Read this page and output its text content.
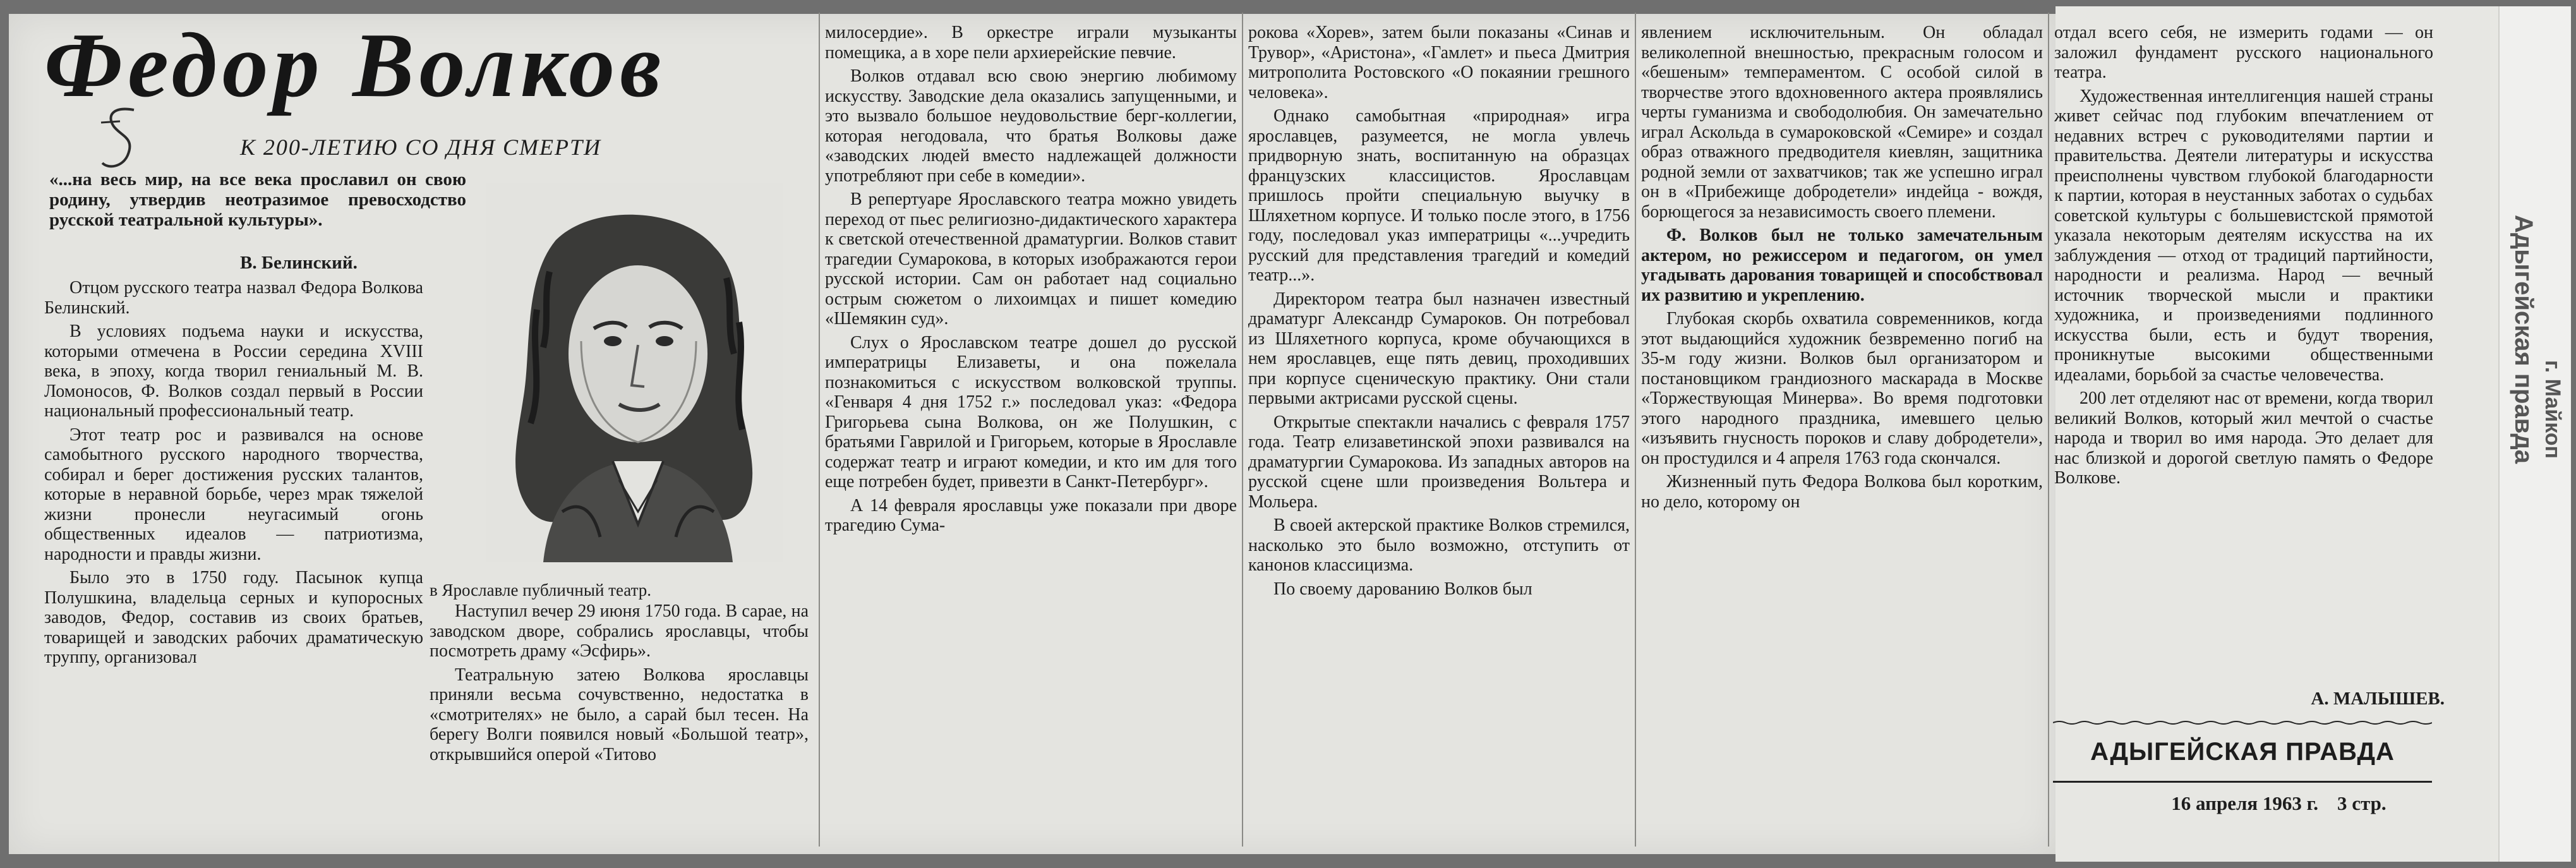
Федор Волков
К 200-ЛЕТИЮ СО ДНЯ СМЕРТИ
«...на весь мир, на все века прославил он свою родину, утвердив неотразимое превосходство русской театральной культуры».
В. Белинский.
в Ярославле публичный театр.

Отцом русского театра назвал Федора Волкова Белинский.

В условиях подъема науки и искусства, которыми отмечена в России середина XVIII века, в эпоху, когда творил гениальный М. В. Ломоносов, Ф. Волков создал первый в России национальный профессиональный театр.

Этот театр рос и развивался на основе самобытного русского народного творчества, собирал и берег достижения русских талантов, которые в неравной борьбе, через мрак тяжелой жизни пронесли неугасимый огонь общественных идеалов — патриотизма, народности и правды жизни.

Было это в 1750 году. Пасынок купца Полушкина, владельца серных и купоросных заводов, Федор, составив из своих братьев, товарищей и заводских рабочих драматическую труппу, организовал

Наступил вечер 29 июня 1750 года. В сарае, на заводском дворе, собрались ярославцы, чтобы посмотреть драму «Эсфирь».

Театральную затею Волкова ярославцы приняли весьма сочувственно, недостатка в «смотрителях» не было, а сарай был тесен. На берегу Волги появился новый «Большой театр», открывшийся оперой «Титово

милосердие». В оркестре играли музыканты помещика, а в хоре пели архиерейские певчие.

Волков отдавал всю свою энергию любимому искусству. Заводские дела оказались запущенными, и это вызвало большое неудовольствие берг-коллегии, которая негодовала, что братья Волковы даже «заводских людей вместо надлежащей должности употребляют при себе в комедии».

В репертуаре Ярославского театра можно увидеть переход от пьес религиозно-дидактического характера к светской отечественной драматургии. Волков ставит трагедии Сумарокова, в которых изображаются герои русской истории. Сам он работает над социально острым сюжетом о лихоимцах и пишет комедию «Шемякин суд».

Слух о Ярославском театре дошел до русской императрицы Елизаветы, и она пожелала познакомиться с искусством волковской труппы. «Генваря 4 дня 1752 г.» последовал указ: «Федора Григорьева сына Волкова, он же Полушкин, с братьями Гаврилой и Григорьем, которые в Ярославле содержат театр и играют комедии, и кто им для того еще потребен будет, привезти в Санкт-Петербург».

А 14 февраля ярославцы уже показали при дворе трагедию Сума-

рокова «Хорев», затем были показаны «Синав и Трувор», «Аристона», «Гамлет» и пьеса Дмитрия митрополита Ростовского «О покаянии грешного человека».

Однако самобытная «природная» игра ярославцев, разумеется, не могла увлечь придворную знать, воспитанную на образцах французских классицистов. Ярославцам пришлось пройти специальную выучку в Шляхетном корпусе. И только после этого, в 1756 году, последовал указ императрицы «...учредить русский для представления трагедий и комедий театр...».

Директором театра был назначен известный драматург Александр Сумароков. Он потребовал из Шляхетного корпуса, кроме обучающихся в нем ярославцев, еще пять девиц, проходивших при корпусе сценическую практику. Они стали первыми актрисами русской сцены.

Открытые спектакли начались с февраля 1757 года. Театр елизаветинской эпохи развивался на драматургии Сумарокова. Из западных авторов на русской сцене шли произведения Вольтера и Мольера.

В своей актерской практике Волков стремился, насколько это было возможно, отступить от канонов классицизма.

По своему дарованию Волков был

явлением исключительным. Он обладал великолепной внешностью, прекрасным голосом и «бешеным» темпераментом. С особой силой в творчестве этого вдохновенного актера проявлялись черты гуманизма и свободолюбия. Он замечательно играл Аскольда в сумароковской «Семире» и создал образ отважного предводителя киевлян, защитника родной земли от захватчиков; так же успешно играл он в «Прибежище добродетели» индейца - вождя, борющегося за независимость своего племени.

Ф. Волков был не только замечательным актером, но режиссером и педагогом, он умел угадывать дарования товарищей и способствовал их развитию и укреплению.

Глубокая скорбь охватила современников, когда этот выдающийся художник безвременно погиб на 35-м году жизни. Волков был организатором и постановщиком грандиозного маскарада в Москве «Торжествующая Минерва». Во время подготовки этого народного праздника, имевшего целью «изъявить гнусность пороков и славу добродетели», он простудился и 4 апреля 1763 года скончался.

Жизненный путь Федора Волкова был коротким, но дело, которому он

отдал всего себя, не измерить годами — он заложил фундамент русского национального театра.

Художественная интеллигенция нашей страны живет сейчас под глубоким впечатлением от недавних встреч с руководителями партии и правительства. Деятели литературы и искусства преисполнены чувством глубокой благодарности к партии, которая в неустанных заботах о судьбах советской культуры с большевистской прямотой указала некоторым деятелям искусства на их заблуждения — отход от традиций партийности, народности и реализма. Народ — вечный источник творческой мысли и практики художника, и произведениями подлинного искусства были, есть и будут творения, проникнутые высокими общественными идеалами, борьбой за счастье человечества.

200 лет отделяют нас от времени, когда творил великий Волков, который жил мечтой о счастье народа и творил во имя народа. Это делает для нас близкой и дорогой светлую память о Федоре Волкове.

А. МАЛЫШЕВ.
АДЫГЕЙСКАЯ ПРАВДА
16 апреля 1963 г. 3 стр.
Адыгейская правда г. Майкоп
